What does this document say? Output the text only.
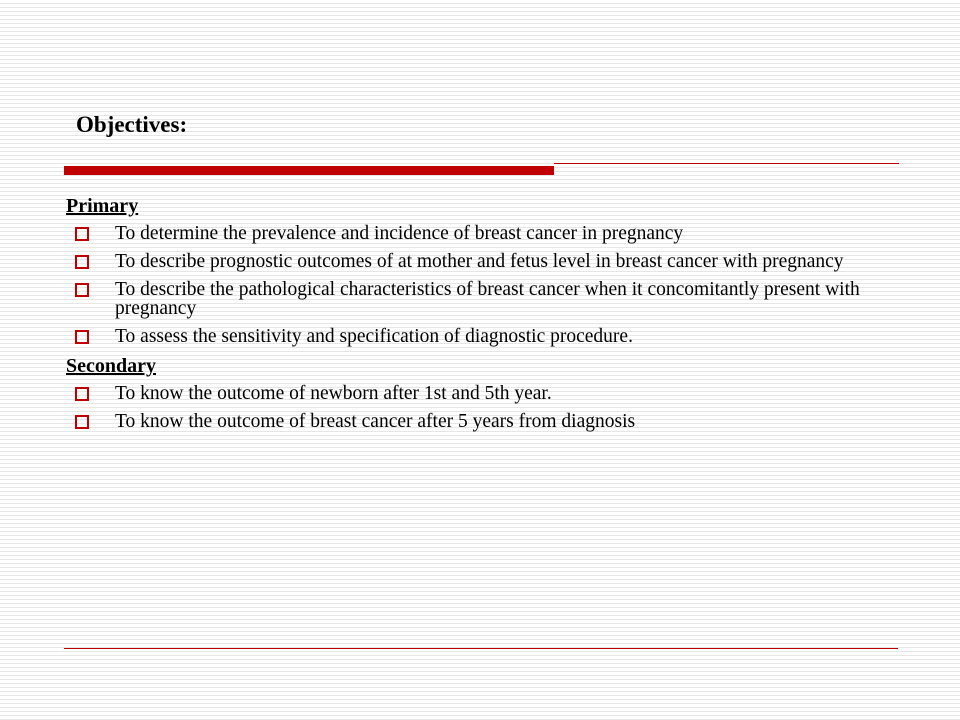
Objectives:
Primary
To determine the prevalence and incidence of breast cancer in pregnancy
To describe prognostic outcomes of at mother and fetus level in breast cancer with pregnancy
To describe the pathological characteristics of breast cancer when it concomitantly present with pregnancy
To assess the sensitivity and specification of diagnostic procedure.
Secondary
To know the outcome of newborn after 1st and 5th year.
To know the outcome of breast cancer after 5 years from diagnosis
